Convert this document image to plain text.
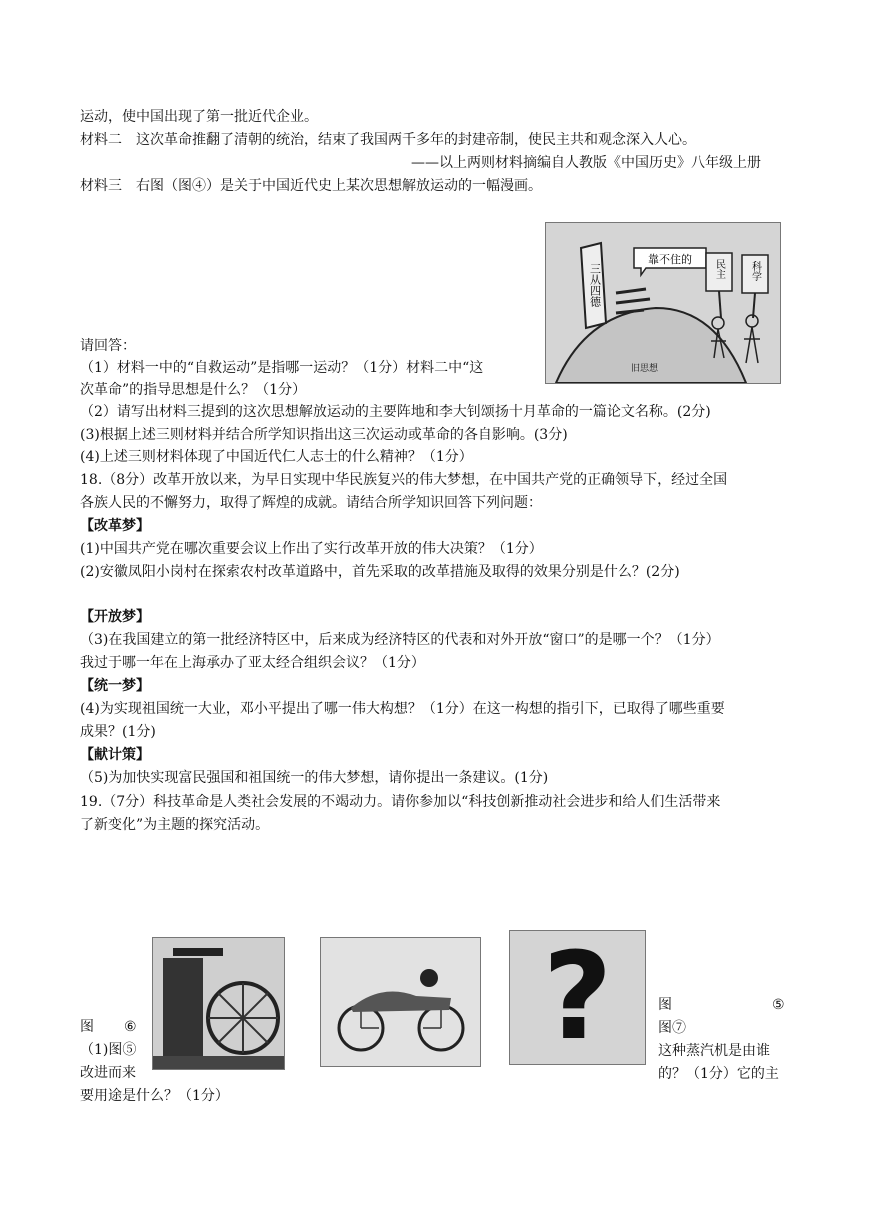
运动，使中国出现了第一批近代企业。
材料二　这次革命推翻了清朝的统治，结束了我国两千多年的封建帝制，使民主共和观念深入人心。
——以上两则材料摘编自人教版《中国历史》八年级上册
材料三　右图（图④）是关于中国近代史上某次思想解放运动的一幅漫画。
三从四德
靠不住的 民主	科学
旧思想
请回答：
（1）材料一中的“自救运动”是指哪一运动？（1分）材料二中“这
次革命”的指导思想是什么？（1分）
（2）请写出材料三提到的这次思想解放运动的主要阵地和李大钊颂扬十月革命的一篇论文名称。(2分)
(3)根据上述三则材料并结合所学知识指出这三次运动或革命的各自影响。(3分)
(4)上述三则材料体现了中国近代仁人志士的什么精神？（1分）
18.（8分）改革开放以来，为早日实现中华民族复兴的伟大梦想，在中国共产党的正确领导下，经过全国
各族人民的不懈努力，取得了辉煌的成就。请结合所学知识回答下列问题：
【改革梦】
(1)中国共产党在哪次重要会议上作出了实行改革开放的伟大决策？（1分）
(2)安徽凤阳小岗村在探索农村改革道路中，首先采取的改革措施及取得的效果分别是什么？(2分)
【开放梦】
（3)在我国建立的第一批经济特区中，后来成为经济特区的代表和对外开放“窗口”的是哪一个？（1分）
我过于哪一年在上海承办了亚太经合组织会议？（1分）
【统一梦】
(4)为实现祖国统一大业，邓小平提出了哪一伟大构想？（1分）在这一构想的指引下，已取得了哪些重要
成果？(1分)
【献计策】
（5)为加快实现富民强国和祖国统一的伟大梦想，请你提出一条建议。(1分)
19.（7分）科技革命是人类社会发展的不竭动力。请你参加以“科技创新推动社会进步和给人们生活带来
了新变化”为主题的探究活动。
?
图 ⑥
（1)图⑤
改进而来
要用途是什么？（1分）
图	⑤
图⑦
这种蒸汽机是由谁
的？（1分）它的主
